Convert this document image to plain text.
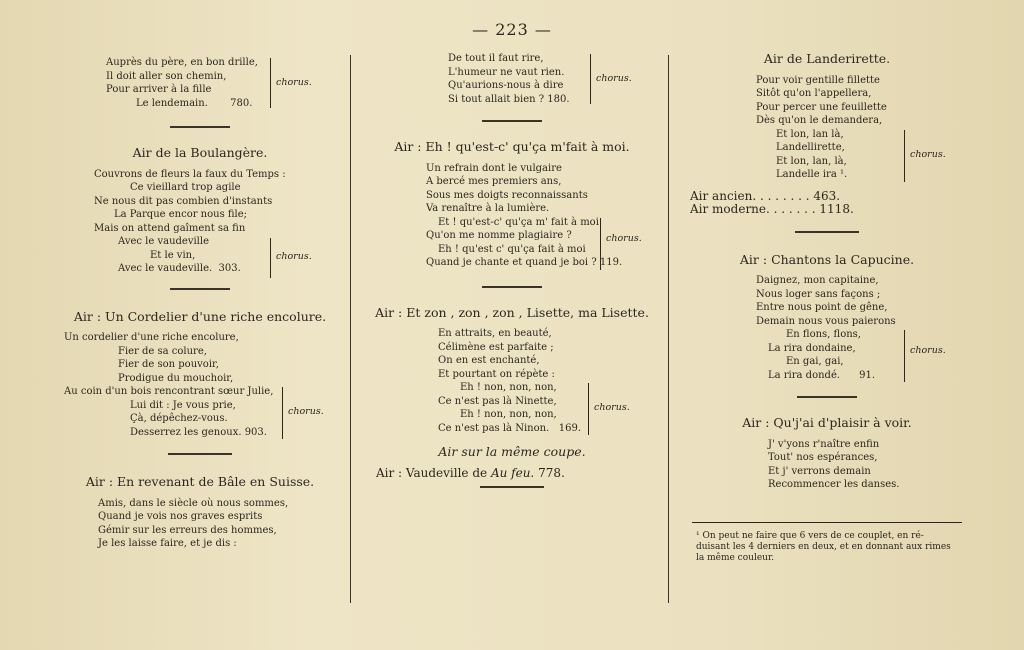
— 223 —
Auprès du père, en bon drille,
Il doit aller son chemin,
Pour arriver à la fille
Le lendemain.       780.
chorus.
Air de la Boulangère.
Couvrons de fleurs la faux du Temps :
Ce vieillard trop agile
Ne nous dit pas combien d'instants
La Parque encor nous file;
Mais on attend gaîment sa fin
Avec le vaudeville
Et le vin,
Avec le vaudeville.  303.
chorus.
Air : Un Cordelier d'une riche encolure.
Un cordelier d'une riche encolure,
Fier de sa colure,
Fier de son pouvoir,
Prodigue du mouchoir,
Au coin d'un bois rencontrant sœur Julie,
Lui dit : Je vous prie,
Çà, dépêchez-vous.
Desserrez les genoux. 903.
chorus.
Air : En revenant de Bâle en Suisse.
Amis, dans le siècle où nous sommes,
Quand je vois nos graves esprits
Gémir sur les erreurs des hommes,
Je les laisse faire, et je dis :
De tout il faut rire,
L'humeur ne vaut rien.
Qu'aurions-nous à dire
Si tout allait bien ? 180.
chorus.
Air : Eh ! qu'est-c' qu'ça m'fait à moi.
Un refrain dont le vulgaire
A bercé mes premiers ans,
Sous mes doigts reconnaissants
Va renaître à la lumière.
Et ! qu'est-c' qu'ça m' fait à moi
Qu'on me nomme plagiaire ?
Eh ! qu'est c' qu'ça fait à moi
Quand je chante et quand je boi ? 119.
chorus.
Air : Et zon , zon , zon , Lisette, ma Lisette.
En attraits, en beauté,
Célimène est parfaite ;
On en est enchanté,
Et pourtant on répète :
Eh ! non, non, non,
Ce n'est pas là Ninette,
Eh ! non, non, non,
Ce n'est pas là Ninon.   169.
chorus.
Air sur la même coupe.
Air : Vaudeville de Au feu. 778.
Air de Landerirette.
Pour voir gentille fillette
Sitôt qu'on l'appellera,
Pour percer une feuillette
Dès qu'on le demandera,
Et lon, lan là,
Landellirette,
Et lon, lan, là,
Landelle ira ¹.
chorus.
Air ancien. . . . . . . . 463.
Air moderne. . . . . . . 1118.
Air : Chantons la Capucine.
Daignez, mon capitaine,
Nous loger sans façons ;
Entre nous point de gêne,
Demain nous vous paierons
En flons, flons,
La rira dondaine,
En gai, gai,
La rira dondé.      91.
chorus.
Air : Qu'j'ai d'plaisir à voir.
J' v'yons r'naître enfin
Tout' nos espérances,
Et j' verrons demain
Recommencer les danses.
¹ On peut ne faire que 6 vers de ce couplet, en ré-
duisant les 4 derniers en deux, et en donnant aux rimes
la même couleur.
